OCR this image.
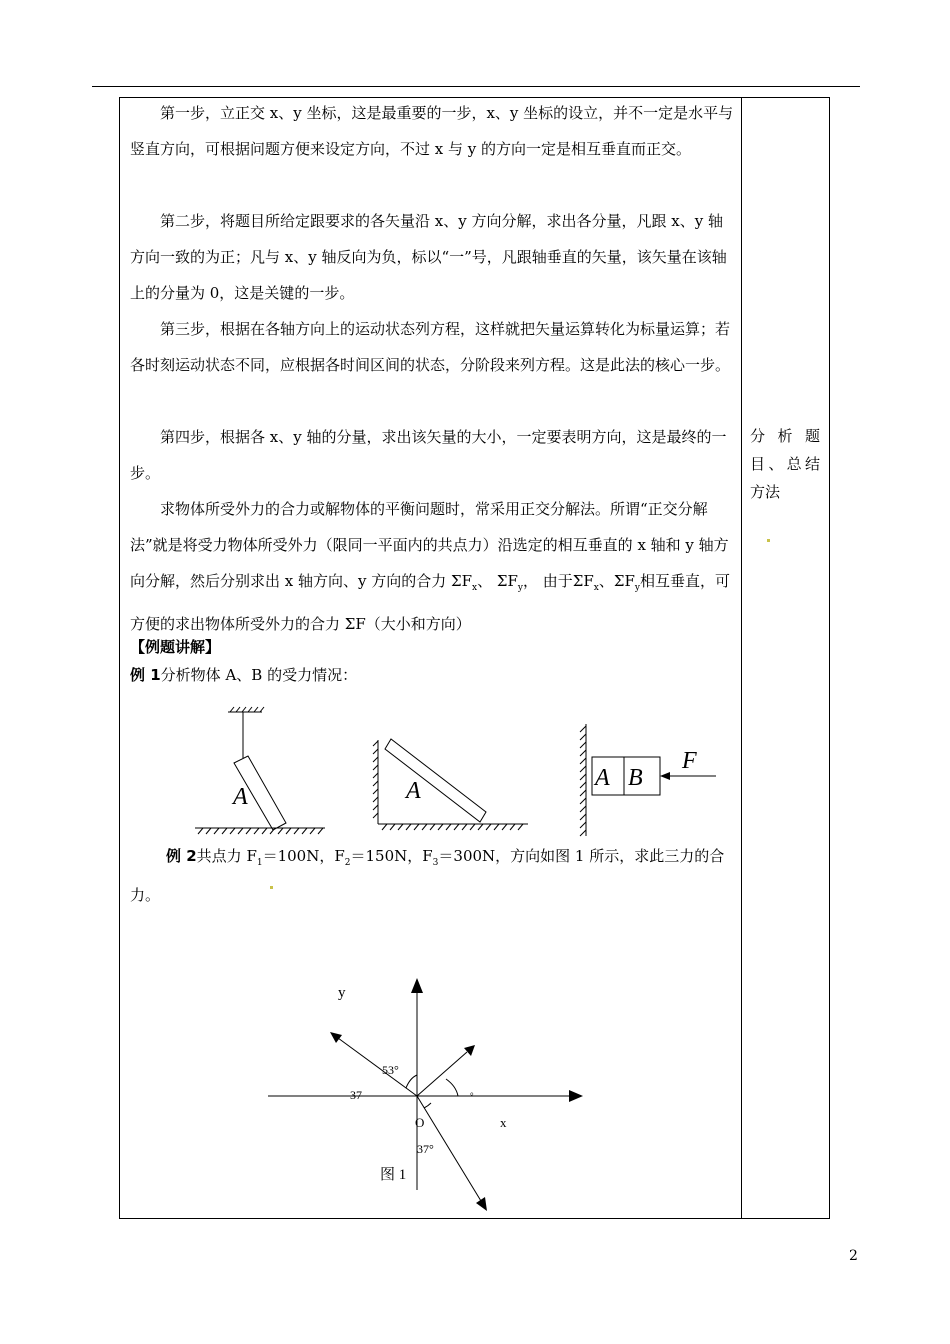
第一步，立正交 x、y 坐标，这是最重要的一步，x、y 坐标的设立，并不一定是水平与竖直方向，可根据问题方便来设定方向，不过 x 与 y 的方向一定是相互垂直而正交。

第二步，将题目所给定跟要求的各矢量沿 x、y 方向分解，求出各分量，凡跟 x、y 轴方向一致的为正；凡与 x、y 轴反向为负，标以“一”号，凡跟轴垂直的矢量，该矢量在该轴上的分量为 0，这是关键的一步。

第三步，根据在各轴方向上的运动状态列方程，这样就把矢量运算转化为标量运算；若各时刻运动状态不同，应根据各时间区间的状态，分阶段来列方程。这是此法的核心一步。

第四步，根据各 x、y 轴的分量，求出该矢量的大小，一定要表明方向，这是最终的一步。

求物体所受外力的合力或解物体的平衡问题时，常采用正交分解法。所谓“正交分解法”就是将受力物体所受外力（限同一平面内的共点力）沿选定的相互垂直的 x 轴和 y 轴方向分解，然后分别求出 x 轴方向、y 方向的合力 $\Sigma F_x$、 $\Sigma F_y$， 由于$\Sigma F_x$、$\Sigma F_y$相互垂直，可方便的求出物体所受外力的合力 ΣF（大小和方向）

分析题目、总结方法
【例题讲解】
例 1分析物体 A、B 的受力情况：
A	A	A B
F
例 2共点力 $F_1=100N$，$F_2=150N$，$F_3=300N$，方向如图 1 所示，求此三力的合力。
y
x
O
53°
37
37°
°
图 1
2
